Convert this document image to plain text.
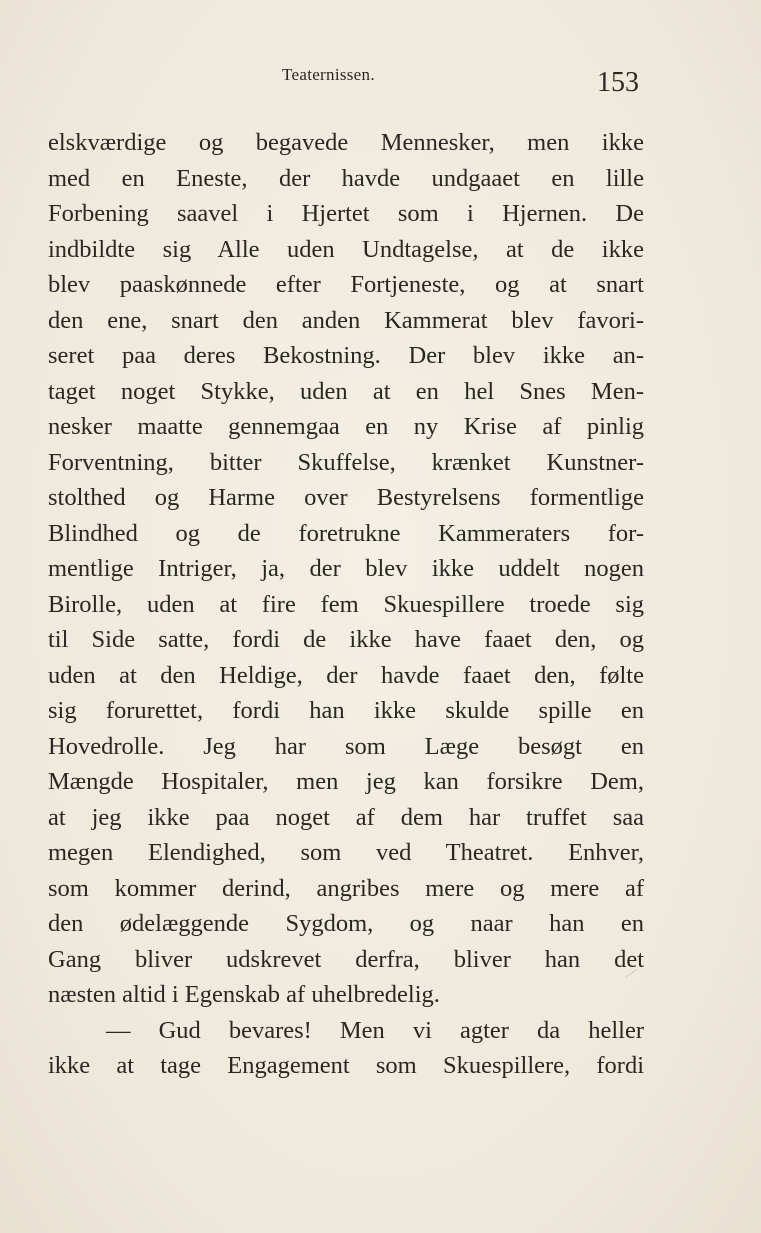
Teaternissen.	153
elskværdige og begavede Mennesker, men ikke
med en Eneste, der havde undgaaet en lille
Forbening saavel i Hjertet som i Hjernen. De
indbildte sig Alle uden Undtagelse, at de ikke
blev paaskønnede efter Fortjeneste, og at snart
den ene, snart den anden Kammerat blev favori-
seret paa deres Bekostning. Der blev ikke an-
taget noget Stykke, uden at en hel Snes Men-
nesker maatte gennemgaa en ny Krise af pinlig
Forventning, bitter Skuffelse, krænket Kunstner-
stolthed og Harme over Bestyrelsens formentlige
Blindhed og de foretrukne Kammeraters for-
mentlige Intriger, ja, der blev ikke uddelt nogen
Birolle, uden at fire fem Skuespillere troede sig
til Side satte, fordi de ikke have faaet den, og
uden at den Heldige, der havde faaet den, følte
sig forurettet, fordi han ikke skulde spille en
Hovedrolle. Jeg har som Læge besøgt en
Mængde Hospitaler, men jeg kan forsikre Dem,
at jeg ikke paa noget af dem har truffet saa
megen Elendighed, som ved Theatret. Enhver,
som kommer derind, angribes mere og mere af
den ødelæggende Sygdom, og naar han en
Gang bliver udskrevet derfra, bliver han det
næsten altid i Egenskab af uhelbredelig.
— Gud bevares! Men vi agter da heller
ikke at tage Engagement som Skuespillere, fordi
